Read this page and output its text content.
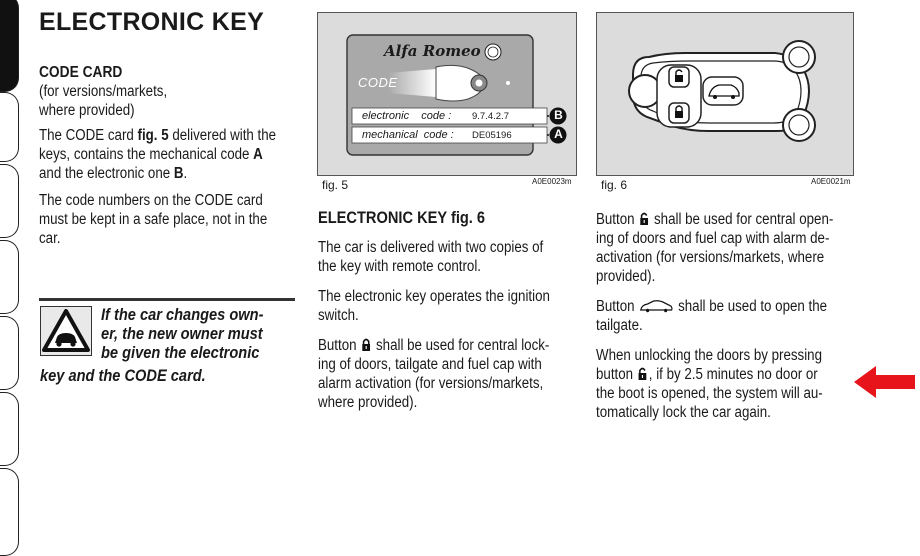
ELECTRONIC KEY
CODE CARD
(for versions/markets,
where provided)
The CODE card fig. 5 delivered with the
keys, contains the mechanical code A
and the electronic one B.
The code numbers on the CODE card
must be kept in a safe place, not in the
car.
If the car changes own-
er, the new owner must
be given the electronic
key and the CODE card.
Alfa Romeo
CODE
electronic    code : 9.7.4.2.7
mechanical  code : DE05196
B
A
fig. 5	A0E0023m fig. 6	A0E0021m
ELECTRONIC KEY fig. 6
The car is delivered with two copies of
the key with remote control.
The electronic key operates the ignition
switch.
Button  shall be used for central lock-
ing of doors, tailgate and fuel cap with
alarm activation (for versions/markets,
where provided).
Button  shall be used for central open-
ing of doors and fuel cap with alarm de-
activation (for versions/markets, where
provided).
Button  shall be used to open the
tailgate.
When unlocking the doors by pressing
button , if by 2.5 minutes no door or
the boot is opened, the system will au-
tomatically lock the car again.
